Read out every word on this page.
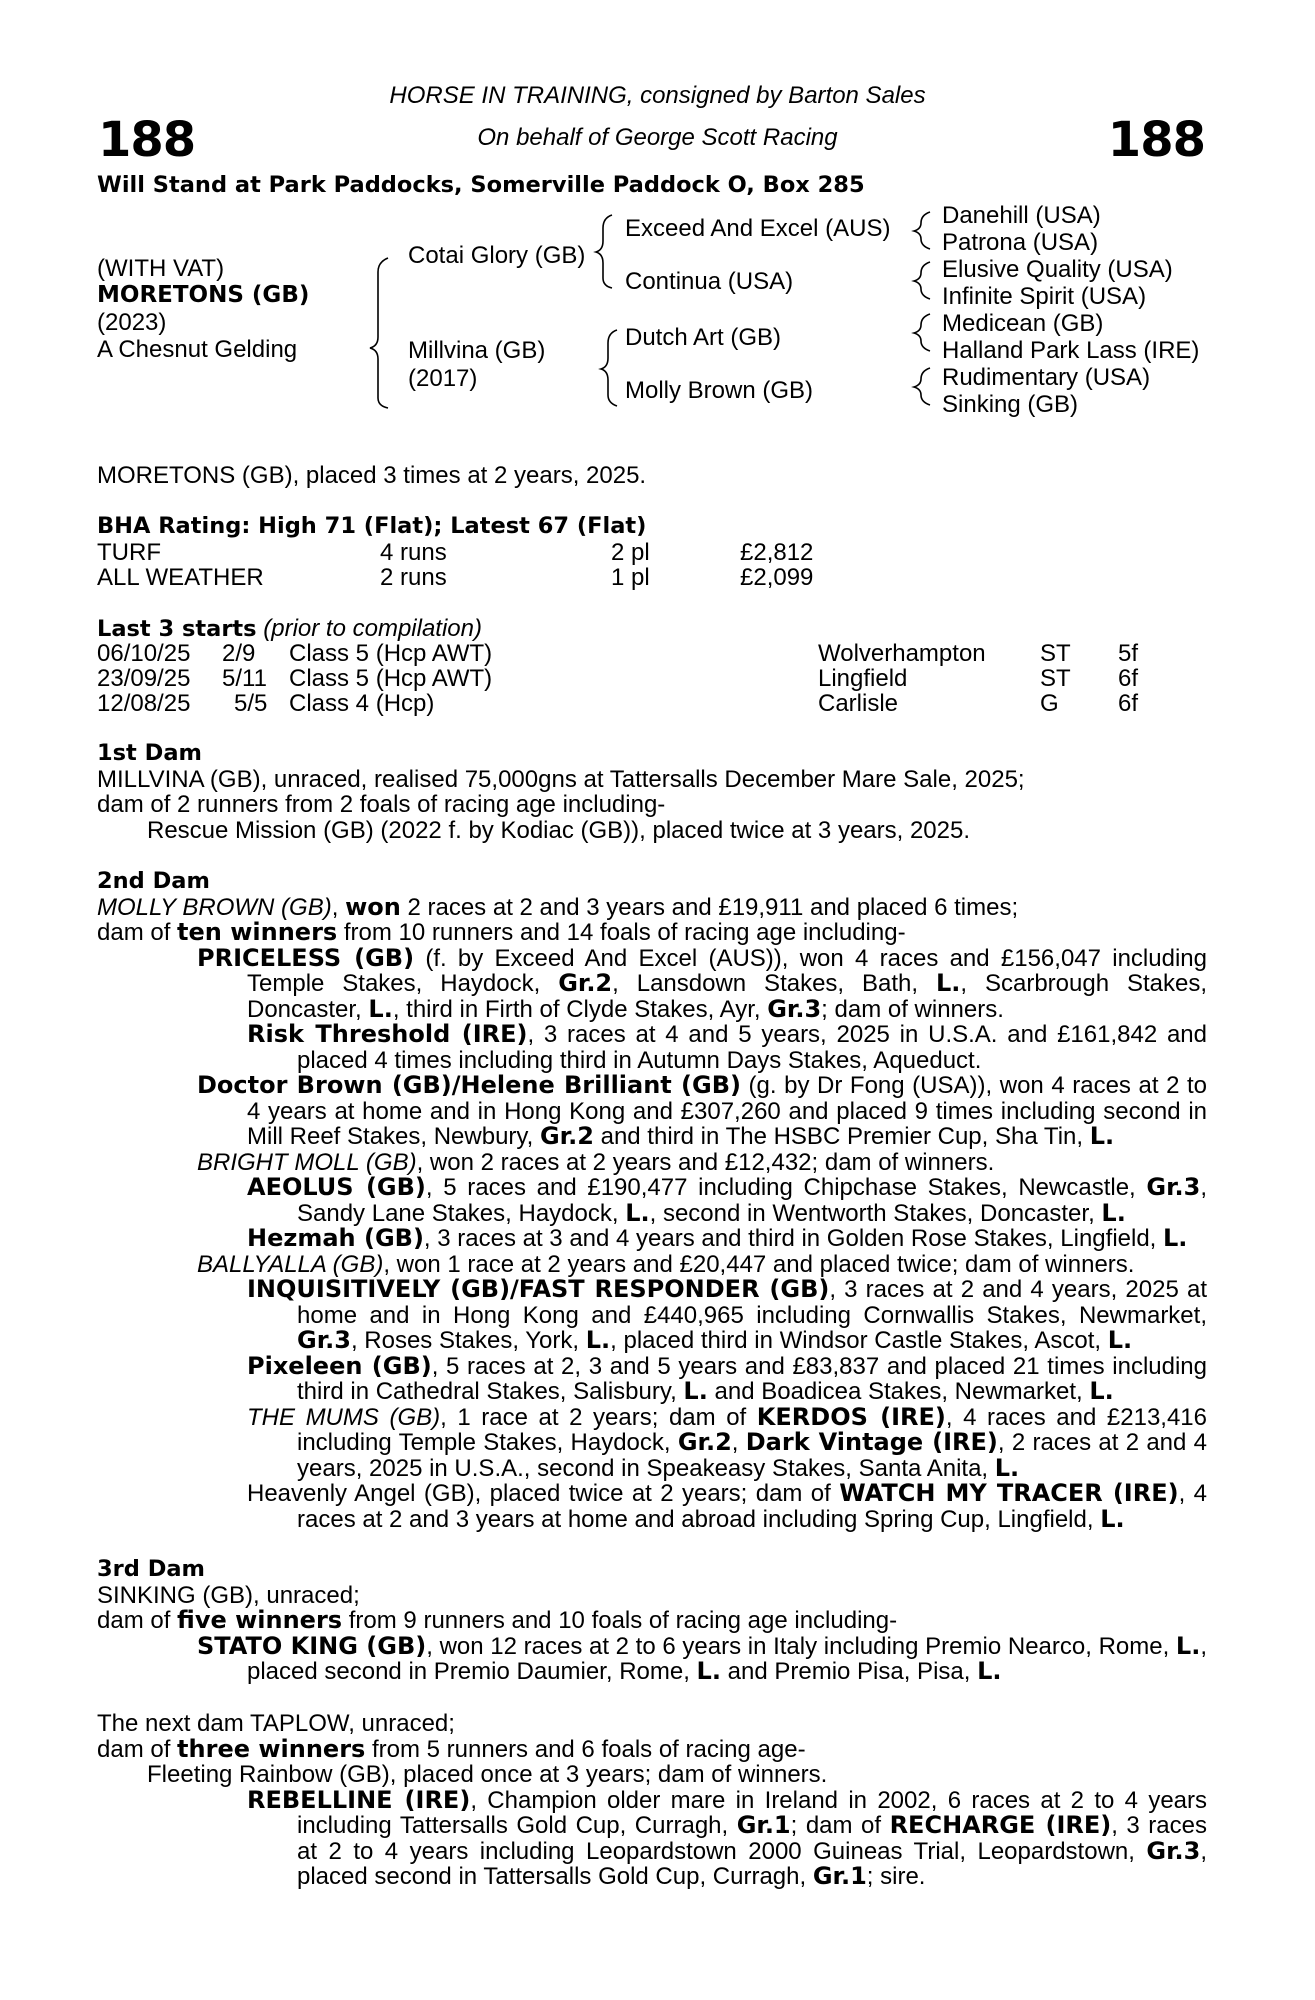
188	188
HORSE IN TRAINING, consigned by Barton Sales
On behalf of George Scott Racing
Will Stand at Park Paddocks, Somerville Paddock O, Box 285
(WITH VAT)
MORETONS (GB)
(2023)
A Chesnut Gelding
Cotai Glory (GB)
Millvina (GB)
(2017)
Exceed And Excel (AUS)
Continua (USA)
Dutch Art (GB)
Molly Brown (GB)
Danehill (USA)
Patrona (USA)
Elusive Quality (USA)
Infinite Spirit (USA)
Medicean (GB)
Halland Park Lass (IRE)
Rudimentary (USA)
Sinking (GB)
MORETONS (GB), placed 3 times at 2 years, 2025.
BHA Rating: High 71 (Flat); Latest 67 (Flat)
TURF	4 runs	2 pl	£2,812
ALL WEATHER	2 runs	1 pl	£2,099
Last 3 starts (prior to compilation)
06/10/25 2/9 Class 5 (Hcp AWT)	Wolverhampton ST 5f
23/09/25 5/11 Class 5 (Hcp AWT)	Lingfield	ST 6f
12/08/25 5/5 Class 4 (Hcp)	Carlisle	G 6f

1st Dam

MILLVINA (GB), unraced, realised 75,000gns at Tattersalls December Mare Sale, 2025;

dam of 2 runners from 2 foals of racing age including-

Rescue Mission (GB) (2022 f. by Kodiac (GB)), placed twice at 3 years, 2025.

2nd Dam

MOLLY BROWN (GB), won 2 races at 2 and 3 years and £19,911 and placed 6 times;

dam of ten winners from 10 runners and 14 foals of racing age including-

PRICELESS (GB) (f. by Exceed And Excel (AUS)), won 4 races and £156,047 including Temple Stakes, Haydock, Gr.2, Lansdown Stakes, Bath, L., Scarbrough Stakes, Doncaster, L., third in Firth of Clyde Stakes, Ayr, Gr.3; dam of winners.

Risk Threshold (IRE), 3 races at 4 and 5 years, 2025 in U.S.A. and £161,842 and placed 4 times including third in Autumn Days Stakes, Aqueduct.

Doctor Brown (GB)/Helene Brilliant (GB) (g. by Dr Fong (USA)), won 4 races at 2 to 4 years at home and in Hong Kong and £307,260 and placed 9 times including second in Mill Reef Stakes, Newbury, Gr.2 and third in The HSBC Premier Cup, Sha Tin, L.

BRIGHT MOLL (GB), won 2 races at 2 years and £12,432; dam of winners.

AEOLUS (GB), 5 races and £190,477 including Chipchase Stakes, Newcastle, Gr.3, Sandy Lane Stakes, Haydock, L., second in Wentworth Stakes, Doncaster, L.

Hezmah (GB), 3 races at 3 and 4 years and third in Golden Rose Stakes, Lingfield, L.

BALLYALLA (GB), won 1 race at 2 years and £20,447 and placed twice; dam of winners.

INQUISITIVELY (GB)/FAST RESPONDER (GB), 3 races at 2 and 4 years, 2025 at home and in Hong Kong and £440,965 including Cornwallis Stakes, Newmarket, Gr.3, Roses Stakes, York, L., placed third in Windsor Castle Stakes, Ascot, L.

Pixeleen (GB), 5 races at 2, 3 and 5 years and £83,837 and placed 21 times including third in Cathedral Stakes, Salisbury, L. and Boadicea Stakes, Newmarket, L.

THE MUMS (GB), 1 race at 2 years; dam of KERDOS (IRE), 4 races and £213,416 including Temple Stakes, Haydock, Gr.2, Dark Vintage (IRE), 2 races at 2 and 4 years, 2025 in U.S.A., second in Speakeasy Stakes, Santa Anita, L.

Heavenly Angel (GB), placed twice at 2 years; dam of WATCH MY TRACER (IRE), 4 races at 2 and 3 years at home and abroad including Spring Cup, Lingfield, L.

3rd Dam

SINKING (GB), unraced;

dam of five winners from 9 runners and 10 foals of racing age including-

STATO KING (GB), won 12 races at 2 to 6 years in Italy including Premio Nearco, Rome, L., placed second in Premio Daumier, Rome, L. and Premio Pisa, Pisa, L.

The next dam TAPLOW, unraced;

dam of three winners from 5 runners and 6 foals of racing age-

Fleeting Rainbow (GB), placed once at 3 years; dam of winners.

REBELLINE (IRE), Champion older mare in Ireland in 2002, 6 races at 2 to 4 years including Tattersalls Gold Cup, Curragh, Gr.1; dam of RECHARGE (IRE), 3 races at 2 to 4 years including Leopardstown 2000 Guineas Trial, Leopardstown, Gr.3, placed second in Tattersalls Gold Cup, Curragh, Gr.1; sire.
